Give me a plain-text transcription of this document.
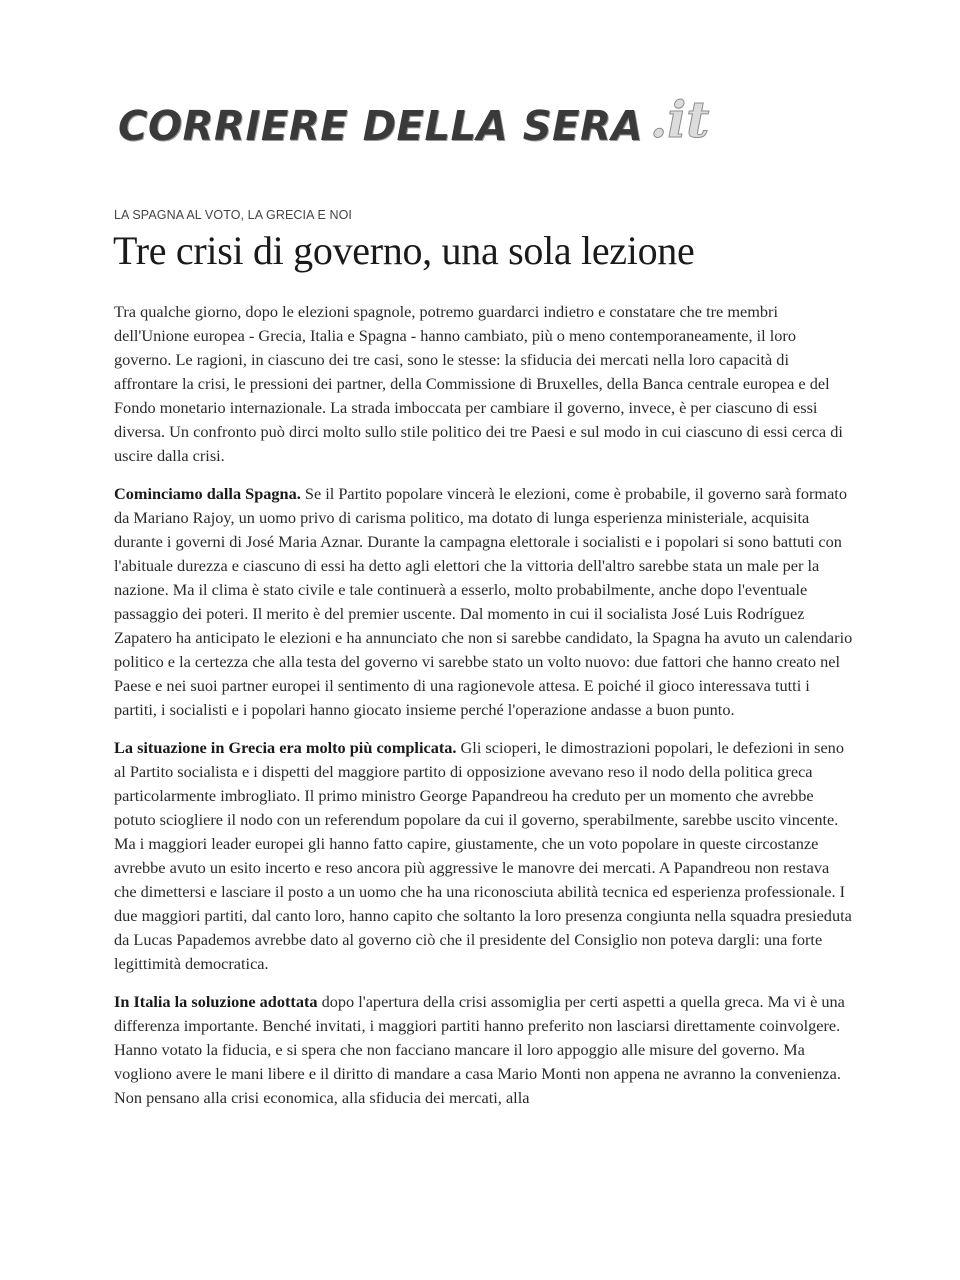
CORRIERE DELLA SERA .it
LA SPAGNA AL VOTO, LA GRECIA E NOI
Tre crisi di governo, una sola lezione

Tra qualche giorno, dopo le elezioni spagnole, potremo guardarci indietro e constatare che tre membri dell'Unione europea - Grecia, Italia e Spagna - hanno cambiato, più o meno contemporaneamente, il loro governo. Le ragioni, in ciascuno dei tre casi, sono le stesse: la sfiducia dei mercati nella loro capacità di affrontare la crisi, le pressioni dei partner, della Commissione di Bruxelles, della Banca centrale europea e del Fondo monetario internazionale. La strada imboccata per cambiare il governo, invece, è per ciascuno di essi diversa. Un confronto può dirci molto sullo stile politico dei tre Paesi e sul modo in cui ciascuno di essi cerca di uscire dalla crisi.

Cominciamo dalla Spagna. Se il Partito popolare vincerà le elezioni, come è probabile, il governo sarà formato da Mariano Rajoy, un uomo privo di carisma politico, ma dotato di lunga esperienza ministeriale, acquisita durante i governi di José Maria Aznar. Durante la campagna elettorale i socialisti e i popolari si sono battuti con l'abituale durezza e ciascuno di essi ha detto agli elettori che la vittoria dell'altro sarebbe stata un male per la nazione. Ma il clima è stato civile e tale continuerà a esserlo, molto probabilmente, anche dopo l'eventuale passaggio dei poteri. Il merito è del premier uscente. Dal momento in cui il socialista José Luis Rodríguez Zapatero ha anticipato le elezioni e ha annunciato che non si sarebbe candidato, la Spagna ha avuto un calendario politico e la certezza che alla testa del governo vi sarebbe stato un volto nuovo: due fattori che hanno creato nel Paese e nei suoi partner europei il sentimento di una ragionevole attesa. E poiché il gioco interessava tutti i partiti, i socialisti e i popolari hanno giocato insieme perché l'operazione andasse a buon punto.

La situazione in Grecia era molto più complicata. Gli scioperi, le dimostrazioni popolari, le defezioni in seno al Partito socialista e i dispetti del maggiore partito di opposizione avevano reso il nodo della politica greca particolarmente imbrogliato. Il primo ministro George Papandreou ha creduto per un momento che avrebbe potuto sciogliere il nodo con un referendum popolare da cui il governo, sperabilmente, sarebbe uscito vincente. Ma i maggiori leader europei gli hanno fatto capire, giustamente, che un voto popolare in queste circostanze avrebbe avuto un esito incerto e reso ancora più aggressive le manovre dei mercati. A Papandreou non restava che dimettersi e lasciare il posto a un uomo che ha una riconosciuta abilità tecnica ed esperienza professionale. I due maggiori partiti, dal canto loro, hanno capito che soltanto la loro presenza congiunta nella squadra presieduta da Lucas Papademos avrebbe dato al governo ciò che il presidente del Consiglio non poteva dargli: una forte legittimità democratica.

In Italia la soluzione adottata dopo l'apertura della crisi assomiglia per certi aspetti a quella greca. Ma vi è una differenza importante. Benché invitati, i maggiori partiti hanno preferito non lasciarsi direttamente coinvolgere. Hanno votato la fiducia, e si spera che non facciano mancare il loro appoggio alle misure del governo. Ma vogliono avere le mani libere e il diritto di mandare a casa Mario Monti non appena ne avranno la convenienza. Non pensano alla crisi economica, alla sfiducia dei mercati, alla
